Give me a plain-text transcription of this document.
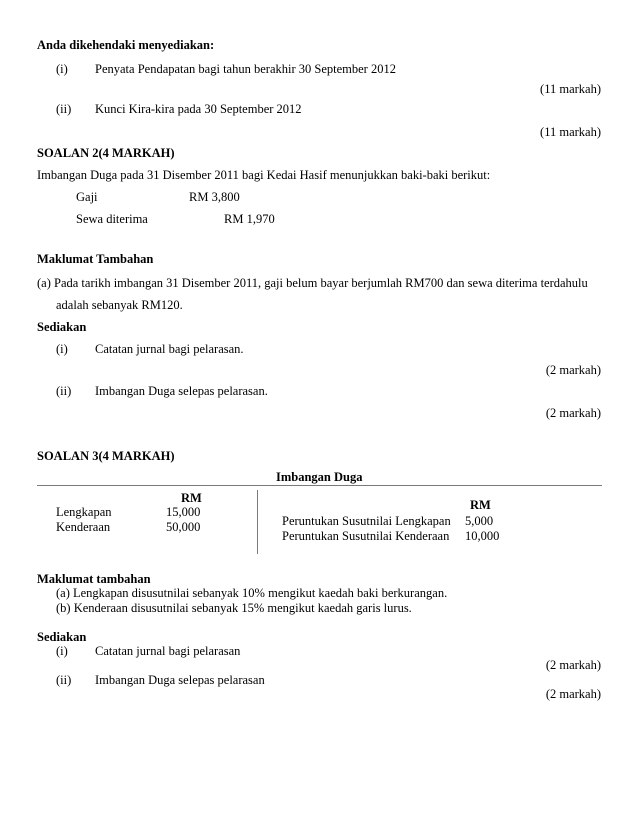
Anda dikehendaki menyediakan:
(i) Penyata Pendapatan bagi tahun berakhir 30 September 2012
(11 markah)
(ii) Kunci Kira-kira pada 30 September 2012
(11 markah)
SOALAN 2(4 MARKAH)
Imbangan Duga pada 31 Disember 2011 bagi Kedai Hasif menunjukkan baki-baki berikut:
Gaji	RM 3,800
Sewa diterima	RM 1,970
Maklumat Tambahan
(a) Pada tarikh imbangan 31 Disember 2011, gaji belum bayar berjumlah RM700 dan sewa diterima terdahulu
adalah sebanyak RM120.
Sediakan
(i) Catatan jurnal bagi pelarasan.
(2 markah)
(ii) Imbangan Duga selepas pelarasan.
(2 markah)
SOALAN 3(4 MARKAH)
Imbangan Duga
RM
Lengkapan	15,000
Kenderaan	50,000
RM
Peruntukan Susutnilai Lengkapan 5,000
Peruntukan Susutnilai Kenderaan 10,000
Maklumat tambahan
(a) Lengkapan disusutnilai sebanyak 10% mengikut kaedah baki berkurangan.
(b) Kenderaan disusutnilai sebanyak 15% mengikut kaedah garis lurus.
Sediakan
(i) Catatan jurnal bagi pelarasan
(2 markah)
(ii) Imbangan Duga selepas pelarasan
(2 markah)
